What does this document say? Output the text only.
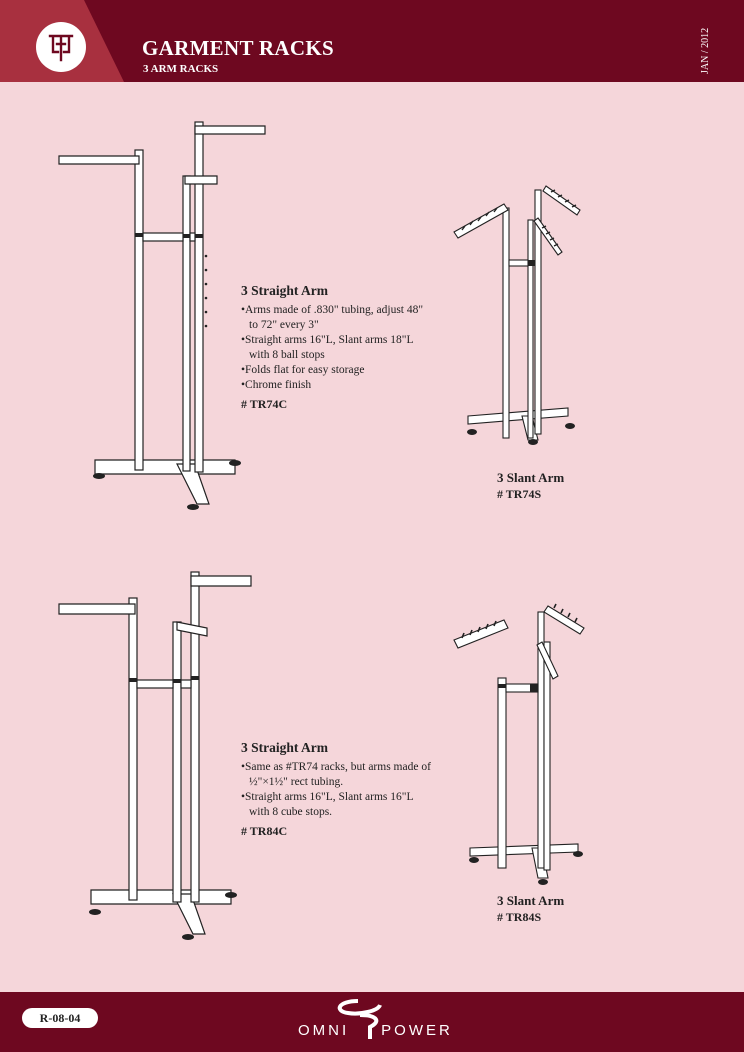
GARMENT RACKS
3 ARM RACKS	JAN / 2012
3 Straight Arm
• Arms made of .830" tubing, adjust 48" to 72" every 3"
• Straight arms 16"L, Slant arms 18"L with 8 ball stops
• Folds flat for easy storage
• Chrome finish
# TR74C
3 Slant Arm
# TR74S
3 Straight Arm
• Same as #TR74 racks, but arms made of ½"×1½" rect tubing.
• Straight arms 16"L, Slant arms 16"L with 8 cube stops.
# TR84C
3 Slant Arm
# TR84S
R-08-04
OMNI POWER
